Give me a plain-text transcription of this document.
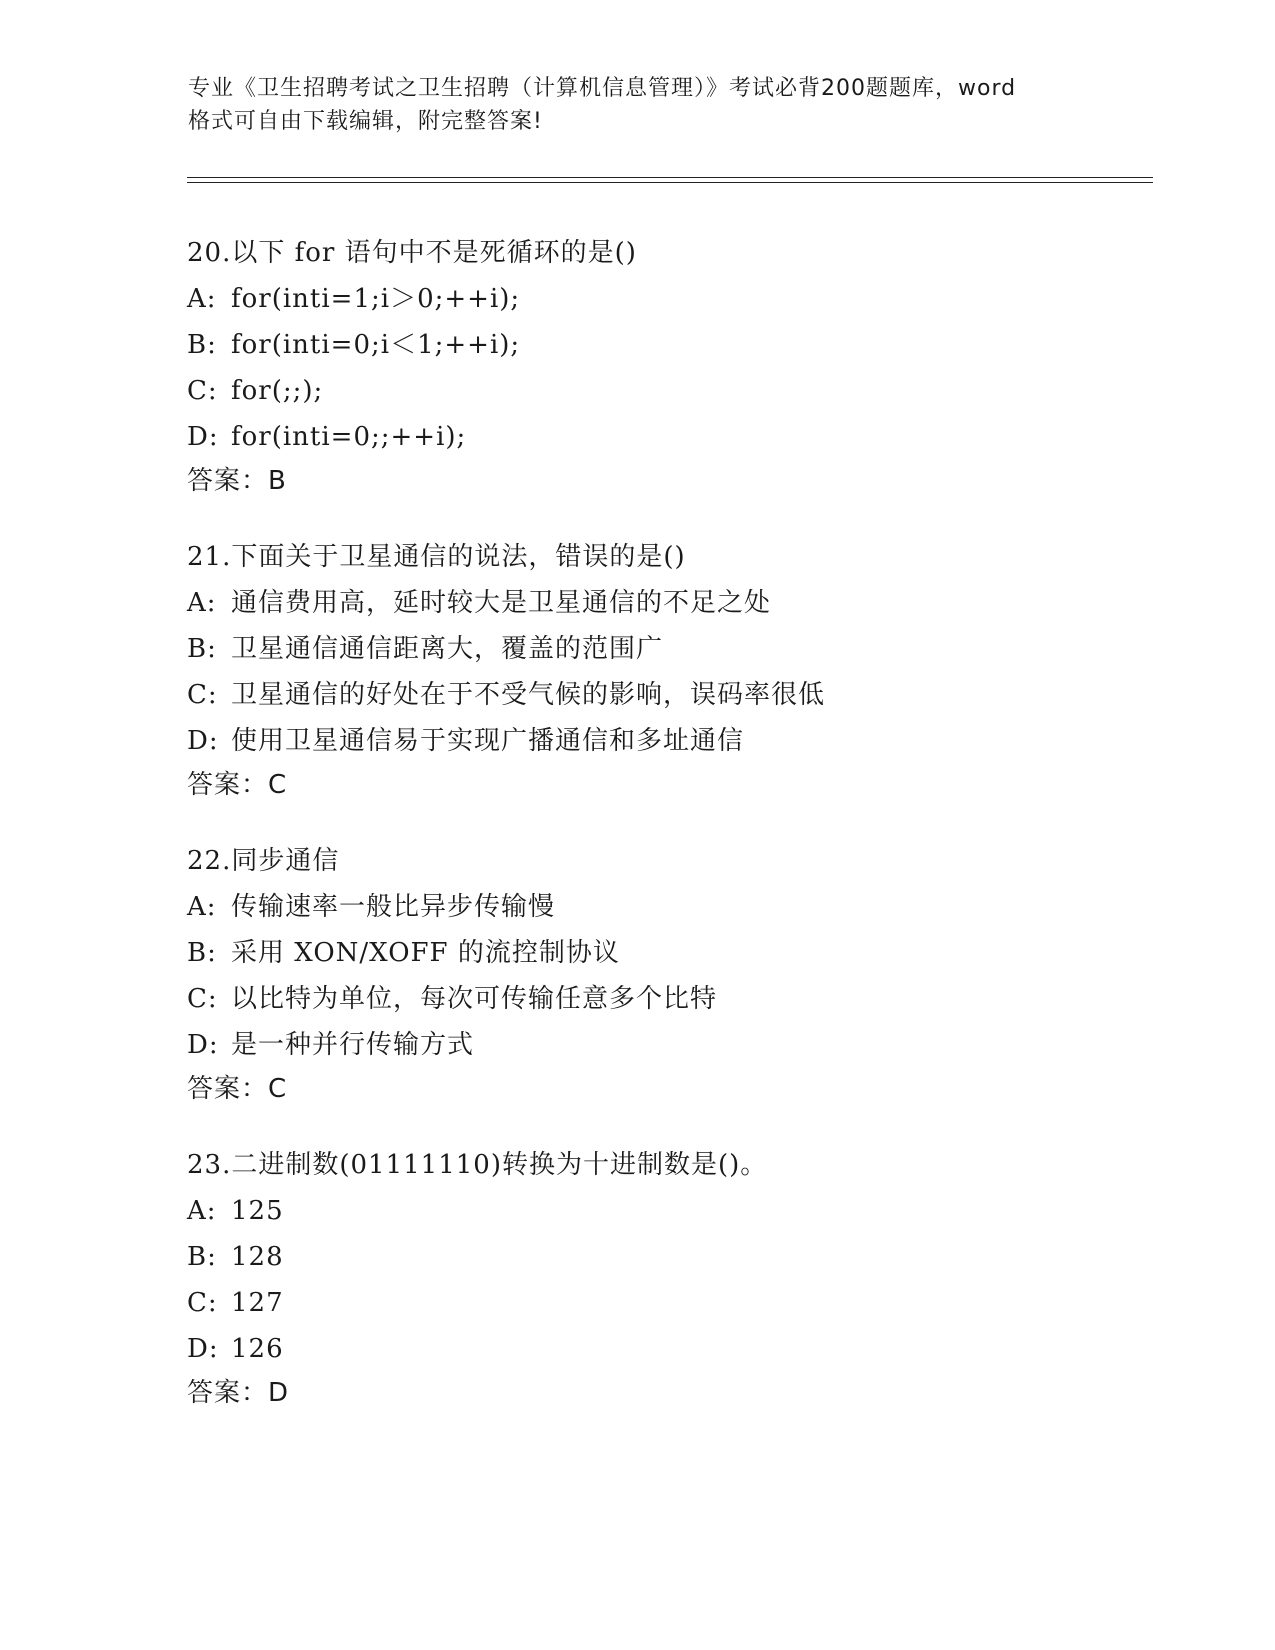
专业《卫生招聘考试之卫生招聘（计算机信息管理）》考试必背200题题库，word
格式可自由下载编辑，附完整答案!
20.以下 for 语句中不是死循环的是()
A: for(inti=1;i＞0;++i);
B: for(inti=0;i＜1;++i);
C: for(;;);
D: for(inti=0;;++i);
答案：B
21.下面关于卫星通信的说法，错误的是()
A: 通信费用高，延时较大是卫星通信的不足之处
B: 卫星通信通信距离大，覆盖的范围广
C: 卫星通信的好处在于不受气候的影响，误码率很低
D: 使用卫星通信易于实现广播通信和多址通信
答案：C
22.同步通信
A: 传输速率一般比异步传输慢
B: 采用 XON/XOFF 的流控制协议
C: 以比特为单位，每次可传输任意多个比特
D: 是一种并行传输方式
答案：C
23.二进制数(01111110)转换为十进制数是()。
A: 125
B: 128
C: 127
D: 126
答案：D
